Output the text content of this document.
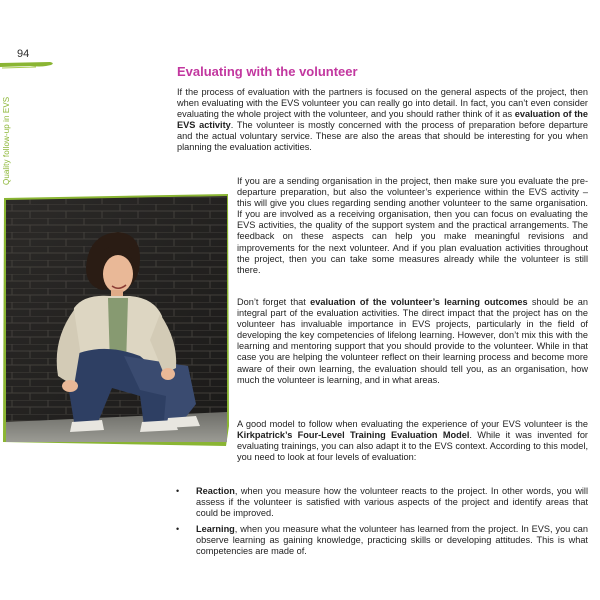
94
Quality follow-up in EVS
Evaluating with the volunteer
If the process of evaluation with the partners is focused on the general aspects of the project, then when evaluating with the EVS volunteer you can really go into detail. In fact, you can’t even consider evaluating the whole project with the volunteer, and you should rather think of it as evaluation of the EVS activity. The volunteer is mostly concerned with the process of preparation before departure and the actual voluntary service. These are also the areas that should be interesting for you when planning the evaluation activities.
If you are a sending organisation in the project, then make sure you evaluate the pre-departure preparation, but also the volunteer’s experience within the EVS activity – this will give you clues regarding sending another volunteer to the same organisation. If you are involved as a receiving organisation, then you can focus on evaluating the EVS activities, the quality of the support system and the practical arrangements. The feedback on these aspects can help you make meaningful revisions and improvements for the next volunteer. And if you plan evaluation activities throughout the project, then you can take some measures already while the volunteer is still there.
Don’t forget that evaluation of the volunteer’s learning outcomes should be an integral part of the evaluation activities. The direct impact that the project has on the volunteer has invaluable importance in EVS projects, particularly in the field of developing the key competencies of lifelong learning. However, don’t mix this with the learning and mentoring support that you should provide to the volunteer. While in that case you are helping the volunteer reflect on their learning process and become more aware of their own learning, the evaluation should tell you, as an organisation, how much the volunteer is learning, and in what areas.
A good model to follow when evaluating the experience of your EVS volunteer is the Kirkpatrick’s Four-Level Training Evaluation Model. While it was invented for evaluating trainings, you can also adapt it to the EVS context. According to this model, you need to look at four levels of evaluation:
• Reaction, when you measure how the volunteer reacts to the project. In other words, you will assess if the volunteer is satisfied with various aspects of the project and identify areas that could be improved.
• Learning, when you measure what the volunteer has learned from the project. In EVS, you can observe learning as gaining knowledge, practicing skills or developing attitudes. This is what competencies are made of.
